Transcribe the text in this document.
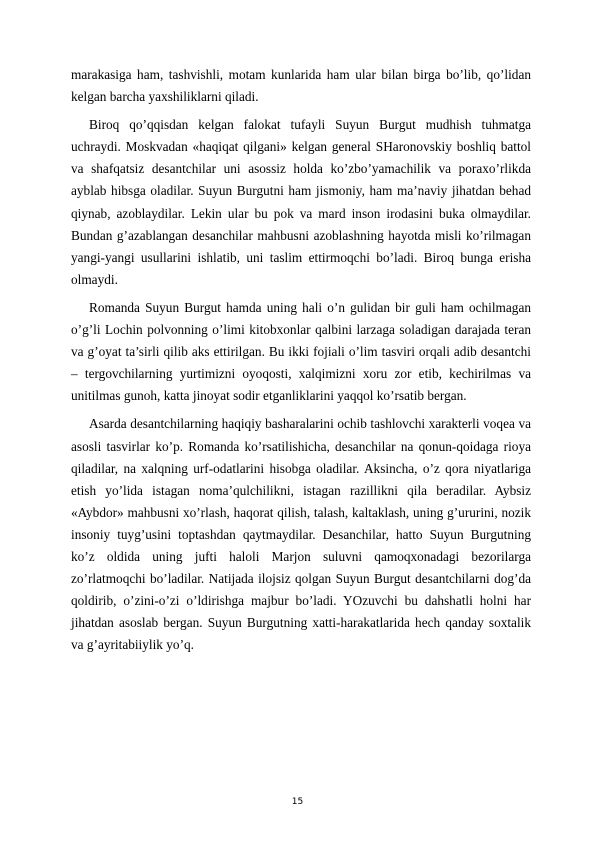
marakasiga ham, tashvishli, motam kunlarida ham ular bilan birga bo’lib, qo’lidan kelgan barcha yaxshiliklarni qiladi.

Biroq qo’qqisdan kelgan falokat tufayli Suyun Burgut mudhish tuhmatga uchraydi. Moskvadan «haqiqat qilgani» kelgan general SHaronovskiy boshliq battol va shafqatsiz desantchilar uni asossiz holda ko’zbo’yamachilik va poraxo’rlikda ayblab hibsga oladilar. Suyun Burgutni ham jismoniy, ham ma’naviy jihatdan behad qiynab, azoblaydilar. Lekin ular bu pok va mard inson irodasini buka olmaydilar. Bundan g’azablangan desanchilar mahbusni azoblashning hayotda misli ko’rilmagan yangi-yangi usullarini ishlatib, uni taslim ettirmoqchi bo’ladi. Biroq bunga erisha olmaydi.

Romanda Suyun Burgut hamda uning hali o’n gulidan bir guli ham ochilmagan o’g’li Lochin polvonning o’limi kitobxonlar qalbini larzaga soladigan darajada teran va g’oyat ta’sirli qilib aks ettirilgan. Bu ikki fojiali o’lim tasviri orqali adib desantchi – tergovchilarning yurtimizni oyoqosti, xalqimizni xoru zor etib, kechirilmas va unitilmas gunoh, katta jinoyat sodir etganliklarini yaqqol ko’rsatib bergan.

Asarda desantchilarning haqiqiy basharalarini ochib tashlovchi xarakterli voqea va asosli tasvirlar ko’p. Romanda ko’rsatilishicha, desanchilar na qonun-qoidaga rioya qiladilar, na xalqning urf-odatlarini hisobga oladilar. Aksincha, o’z qora niyatlariga etish yo’lida istagan noma’qulchilikni, istagan razillikni qila beradilar. Aybsiz «Aybdor» mahbusni xo’rlash, haqorat qilish, talash, kaltaklash, uning g’ururini, nozik insoniy tuyg’usini toptashdan qaytmaydilar. Desanchilar, hatto Suyun Burgutning ko’z oldida uning jufti haloli Marjon suluvni qamoqxonadagi bezorilarga zo’rlatmoqchi bo’ladilar. Natijada ilojsiz qolgan Suyun Burgut desantchilarni dog’da qoldirib, o’zini-o’zi o’ldirishga majbur bo’ladi. YOzuvchi bu dahshatli holni har jihatdan asoslab bergan. Suyun Burgutning xatti-harakatlarida hech qanday soxtalik va g’ayritabiiylik yo’q.

15
